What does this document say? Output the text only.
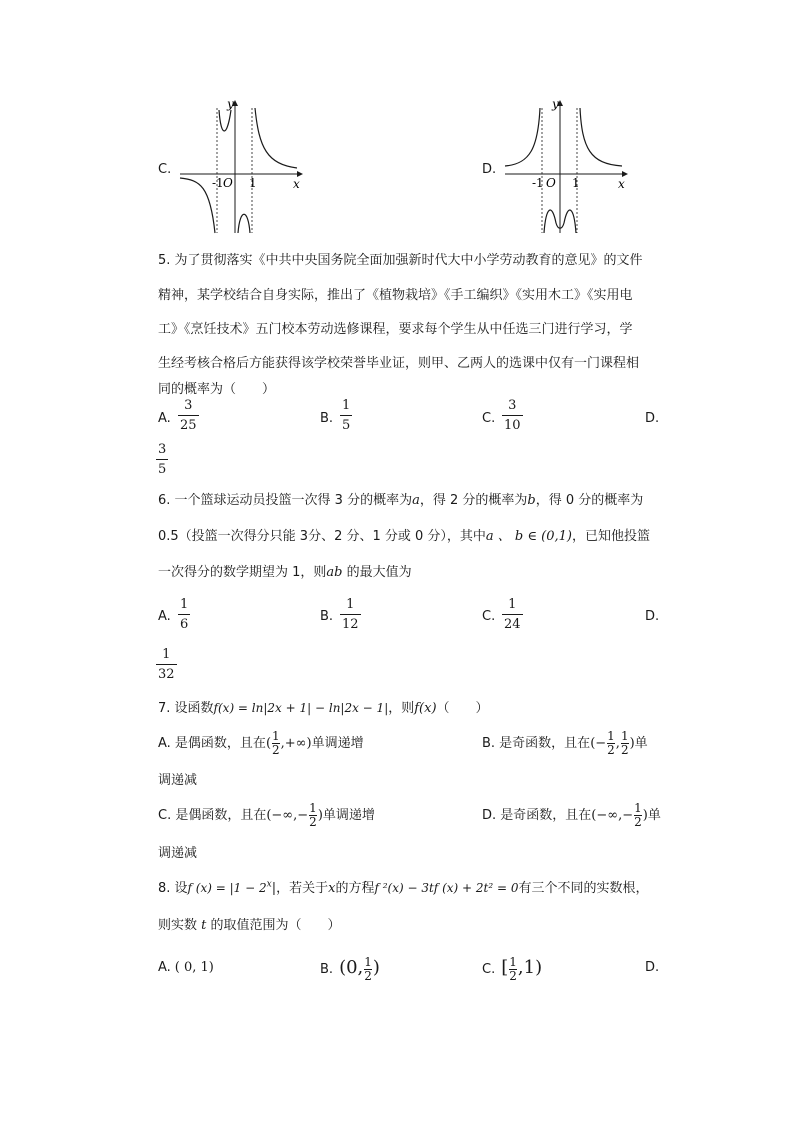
C.
y
x
-1 O 1
D.
y
x
-1 O 1
5. 为了贯彻落实《中共中央国务院全面加强新时代大中小学劳动教育的意见》的文件
精神，某学校结合自身实际，推出了《植物栽培》《手工编织》《实用木工》《实用电
工》《烹饪技术》五门校本劳动选修课程，要求每个学生从中任选三门进行学习，学
生经考核合格后方能获得该学校荣誉毕业证，则甲、乙两人的选课中仅有一门课程相
同的概率为（　　）
A.
3
25	B.
1
5	C.
3
10	D.
3
5
6. 一个篮球运动员投篮一次得 3 分的概率为a，得 2 分的概率为b，得 0 分的概率为
0.5（投篮一次得分只能 3分、2 分、1 分或 0 分），其中a 、 b ∈ (0,1)，已知他投篮
一次得分的数学期望为 1，则ab 的最大值为
A.
1
6
B.
1
12
C.
1
24
D.
1
32
7. 设函数f(x) = ln|2x + 1| − ln|2x − 1|，则f(x)（　　）
A. 是偶函数，且在( $\frac{1}{2}$ ,+∞)单调递增	B. 是奇函数，且在(− $\frac{1}{2}$ , $\frac{1}{2}$ )单
调递减
C. 是偶函数，且在(−∞,− $\frac{1}{2}$ )单调递增	D. 是奇函数，且在(−∞,− $\frac{1}{2}$ )单
调递减
8. 设f $(x) = |1 - 2^x|$，若关于x的方程f ²(x) − 3tf (x) + 2t² = 0有三个不同的实数根，
则实数 t 的取值范围为（　　）
A. ( 0, 1)	B. (0, $\frac{1}{2}$ )	C. [ $\frac{1}{2} ,1$)	D.
